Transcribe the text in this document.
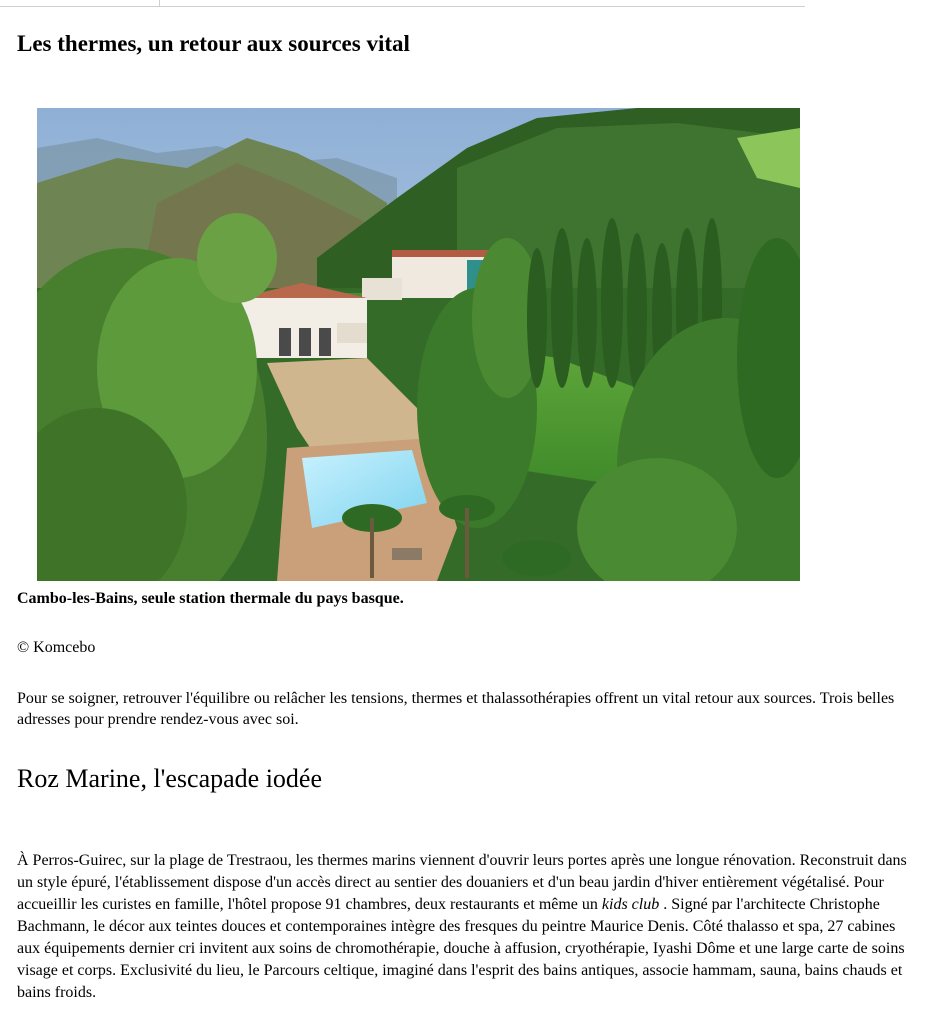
Les thermes, un retour aux sources vital

Cambo-les-Bains, seule station thermale du pays basque.

© Komcebo

Pour se soigner, retrouver l'équilibre ou relâcher les tensions, thermes et thalassothérapies offrent un vital retour aux sources. Trois belles adresses pour prendre rendez-vous avec soi.

Roz Marine, l'escapade iodée

À Perros-Guirec, sur la plage de Trestraou, les thermes marins viennent d'ouvrir leurs portes après une longue rénovation. Reconstruit dans un style épuré, l'établissement dispose d'un accès direct au sentier des douaniers et d'un beau jardin d'hiver entièrement végétalisé. Pour accueillir les curistes en famille, l'hôtel propose 91 chambres, deux restaurants et même un kids club . Signé par l'architecte Christophe Bachmann, le décor aux teintes douces et contemporaines intègre des fresques du peintre Maurice Denis. Côté thalasso et spa, 27 cabines aux équipements dernier cri invitent aux soins de chromothérapie, douche à affusion, cryothérapie, Iyashi Dôme et une large carte de soins visage et corps. Exclusivité du lieu, le Parcours celtique, imaginé dans l'esprit des bains antiques, associe hammam, sauna, bains chauds et bains froids.
